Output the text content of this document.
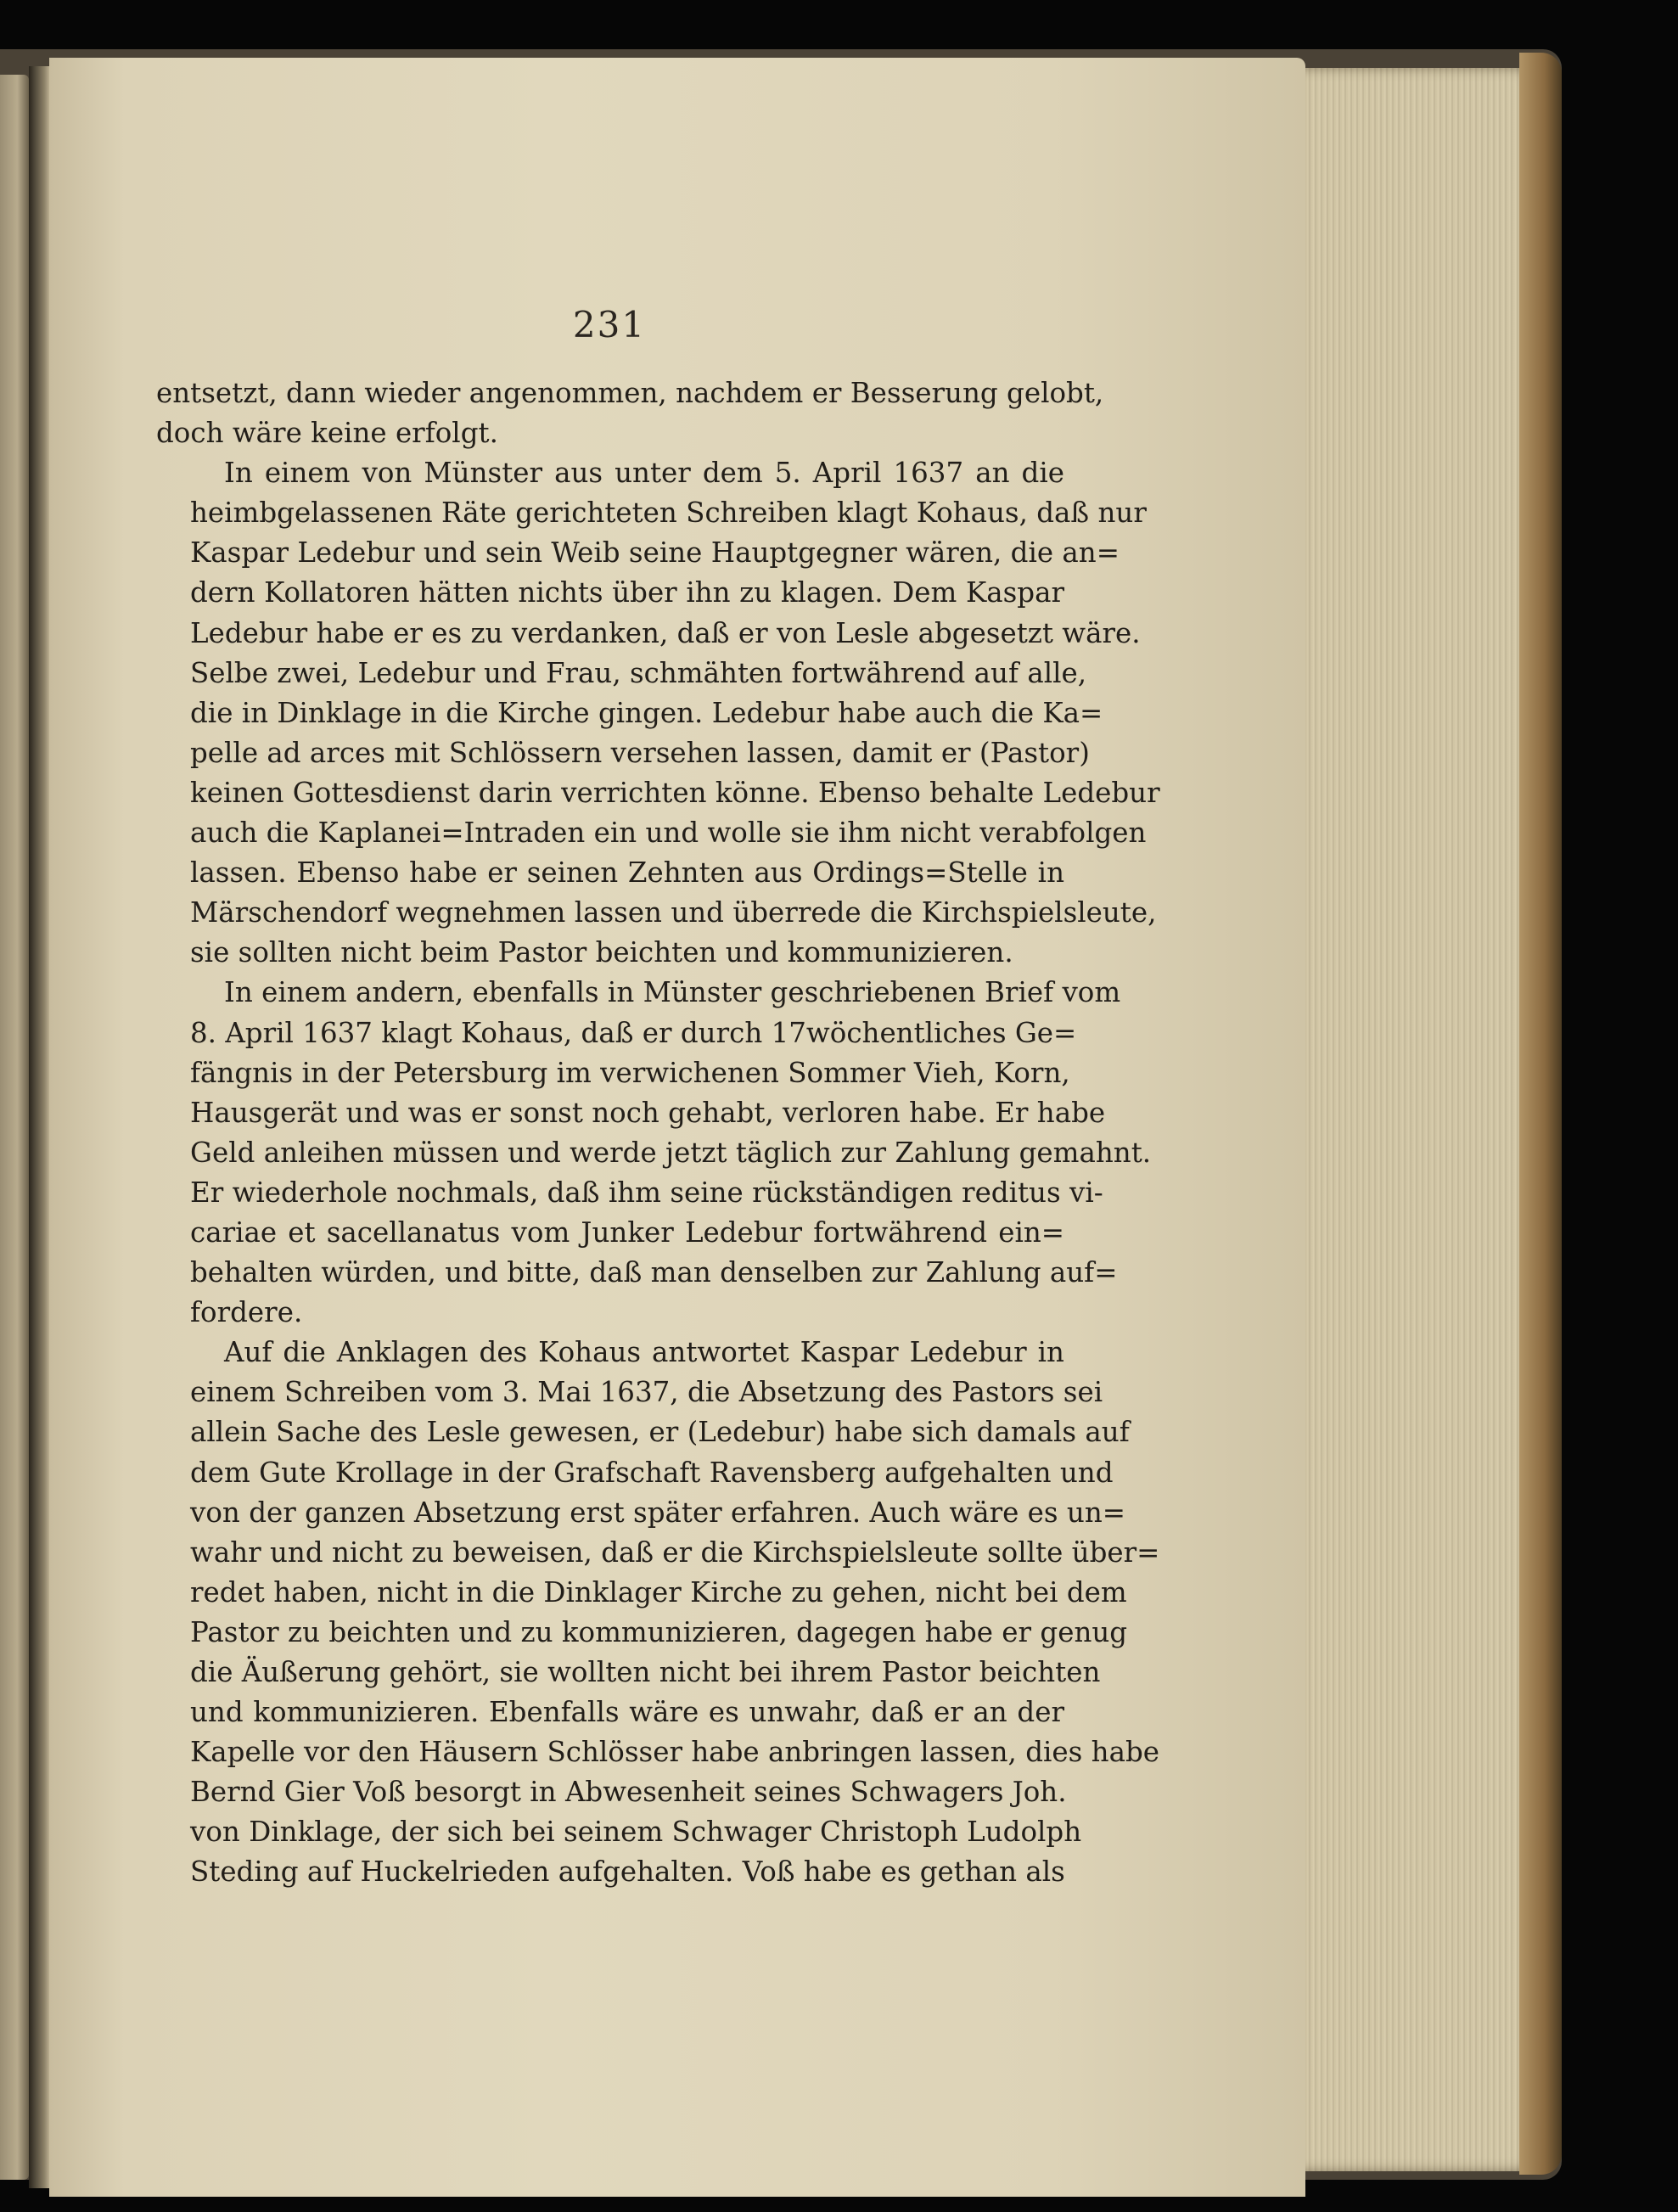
231

entsetzt, dann wieder angenommen, nachdem er Besserung gelobt,
doch wäre keine erfolgt.

In einem von Münster aus unter dem 5. April 1637 an die
heimbgelassenen Räte gerichteten Schreiben klagt Kohaus, daß nur
Kaspar Ledebur und sein Weib seine Hauptgegner wären, die an=
dern Kollatoren hätten nichts über ihn zu klagen. Dem Kaspar
Ledebur habe er es zu verdanken, daß er von Lesle abgesetzt wäre.
Selbe zwei, Ledebur und Frau, schmähten fortwährend auf alle,
die in Dinklage in die Kirche gingen. Ledebur habe auch die Ka=
pelle ad arces mit Schlössern versehen lassen, damit er (Pastor)
keinen Gottesdienst darin verrichten könne. Ebenso behalte Ledebur
auch die Kaplanei=Intraden ein und wolle sie ihm nicht verabfolgen
lassen. Ebenso habe er seinen Zehnten aus Ordings=Stelle in
Märschendorf wegnehmen lassen und überrede die Kirchspielsleute,
sie sollten nicht beim Pastor beichten und kommunizieren.

In einem andern, ebenfalls in Münster geschriebenen Brief vom
8. April 1637 klagt Kohaus, daß er durch 17wöchentliches Ge=
fängnis in der Petersburg im verwichenen Sommer Vieh, Korn,
Hausgerät und was er sonst noch gehabt, verloren habe. Er habe
Geld anleihen müssen und werde jetzt täglich zur Zahlung gemahnt.
Er wiederhole nochmals, daß ihm seine rückständigen reditus vi-
cariae et sacellanatus vom Junker Ledebur fortwährend ein=
behalten würden, und bitte, daß man denselben zur Zahlung auf=
fordere.

Auf die Anklagen des Kohaus antwortet Kaspar Ledebur in
einem Schreiben vom 3. Mai 1637, die Absetzung des Pastors sei
allein Sache des Lesle gewesen, er (Ledebur) habe sich damals auf
dem Gute Krollage in der Grafschaft Ravensberg aufgehalten und
von der ganzen Absetzung erst später erfahren. Auch wäre es un=
wahr und nicht zu beweisen, daß er die Kirchspielsleute sollte über=
redet haben, nicht in die Dinklager Kirche zu gehen, nicht bei dem
Pastor zu beichten und zu kommunizieren, dagegen habe er genug
die Äußerung gehört, sie wollten nicht bei ihrem Pastor beichten
und kommunizieren. Ebenfalls wäre es unwahr, daß er an der
Kapelle vor den Häusern Schlösser habe anbringen lassen, dies habe
Bernd Gier Voß besorgt in Abwesenheit seines Schwagers Joh.
von Dinklage, der sich bei seinem Schwager Christoph Ludolph
Steding auf Huckelrieden aufgehalten. Voß habe es gethan als
